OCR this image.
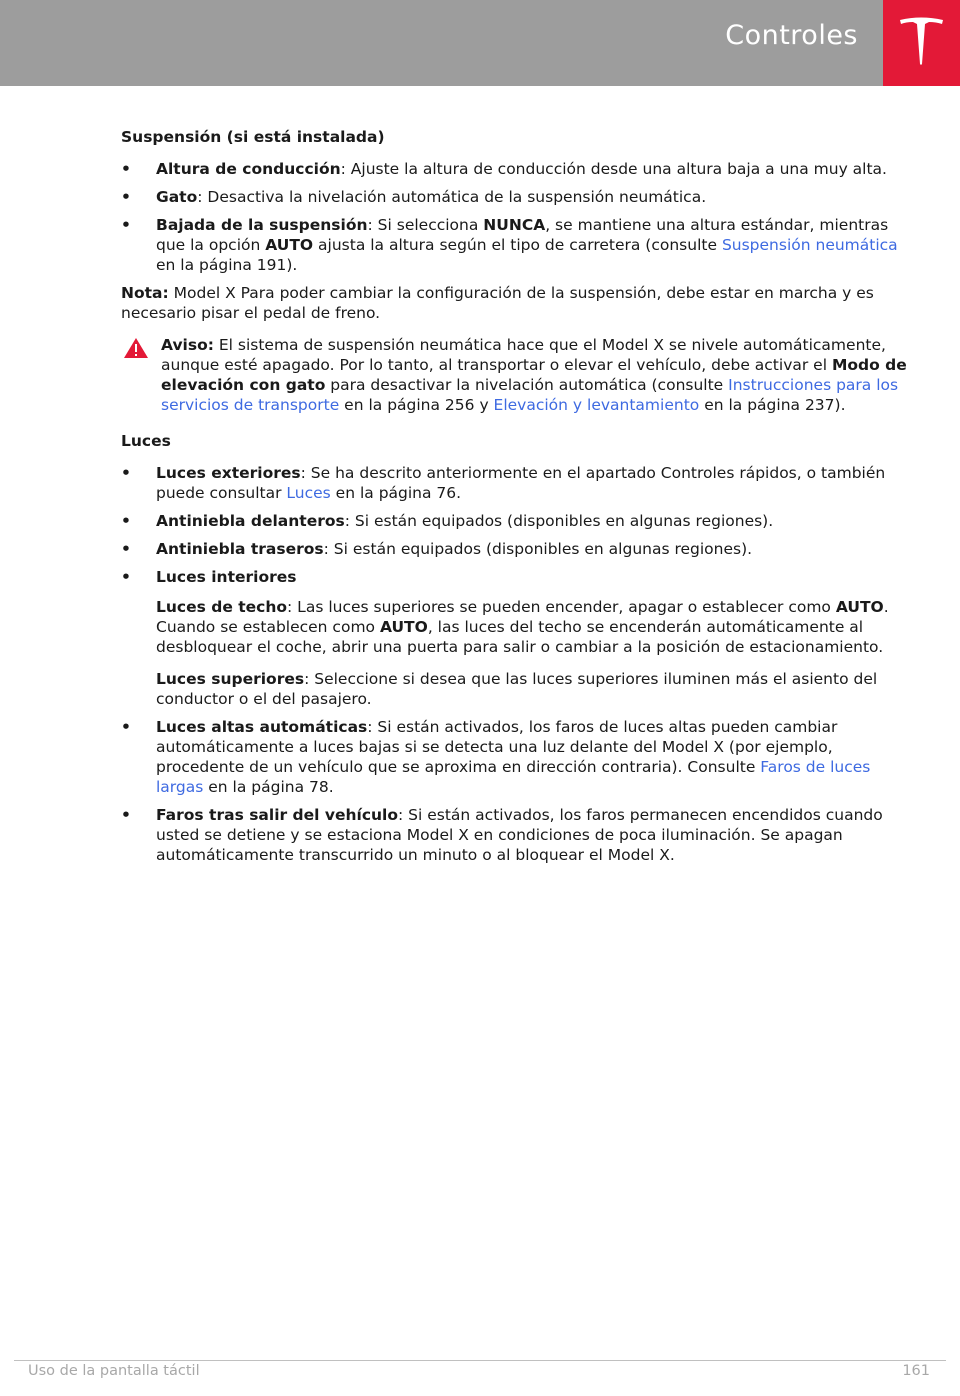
Controles

Suspensión (si está instalada)

• Altura de conducción: Ajuste la altura de conducción desde una altura baja a una muy alta.
• Gato: Desactiva la nivelación automática de la suspensión neumática.
• Bajada de la suspensión: Si selecciona NUNCA, se mantiene una altura estándar, mientras que la opción AUTO ajusta la altura según el tipo de carretera (consulte Suspensión neumática en la página 191).

Nota: Model X Para poder cambiar la configuración de la suspensión, debe estar en marcha y es necesario pisar el pedal de freno.

Aviso: El sistema de suspensión neumática hace que el Model X se nivele automáticamente, aunque esté apagado. Por lo tanto, al transportar o elevar el vehículo, debe activar el Modo de elevación con gato para desactivar la nivelación automática (consulte Instrucciones para los servicios de transporte en la página 256 y Elevación y levantamiento en la página 237).

Luces

• Luces exteriores: Se ha descrito anteriormente en el apartado Controles rápidos, o también puede consultar Luces en la página 76.
• Antiniebla delanteros: Si están equipados (disponibles en algunas regiones).
• Antiniebla traseros: Si están equipados (disponibles en algunas regiones).
• Luces interiores

Luces de techo: Las luces superiores se pueden encender, apagar o establecer como AUTO. Cuando se establecen como AUTO, las luces del techo se encenderán automáticamente al desbloquear el coche, abrir una puerta para salir o cambiar a la posición de estacionamiento.

Luces superiores: Seleccione si desea que las luces superiores iluminen más el asiento del conductor o el del pasajero.

• Luces altas automáticas: Si están activados, los faros de luces altas pueden cambiar automáticamente a luces bajas si se detecta una luz delante del Model X (por ejemplo, procedente de un vehículo que se aproxima en dirección contraria). Consulte Faros de luces largas en la página 78.
• Faros tras salir del vehículo: Si están activados, los faros permanecen encendidos cuando usted se detiene y se estaciona Model X en condiciones de poca iluminación. Se apagan automáticamente transcurrido un minuto o al bloquear el Model X.
Uso de la pantalla táctil	161
